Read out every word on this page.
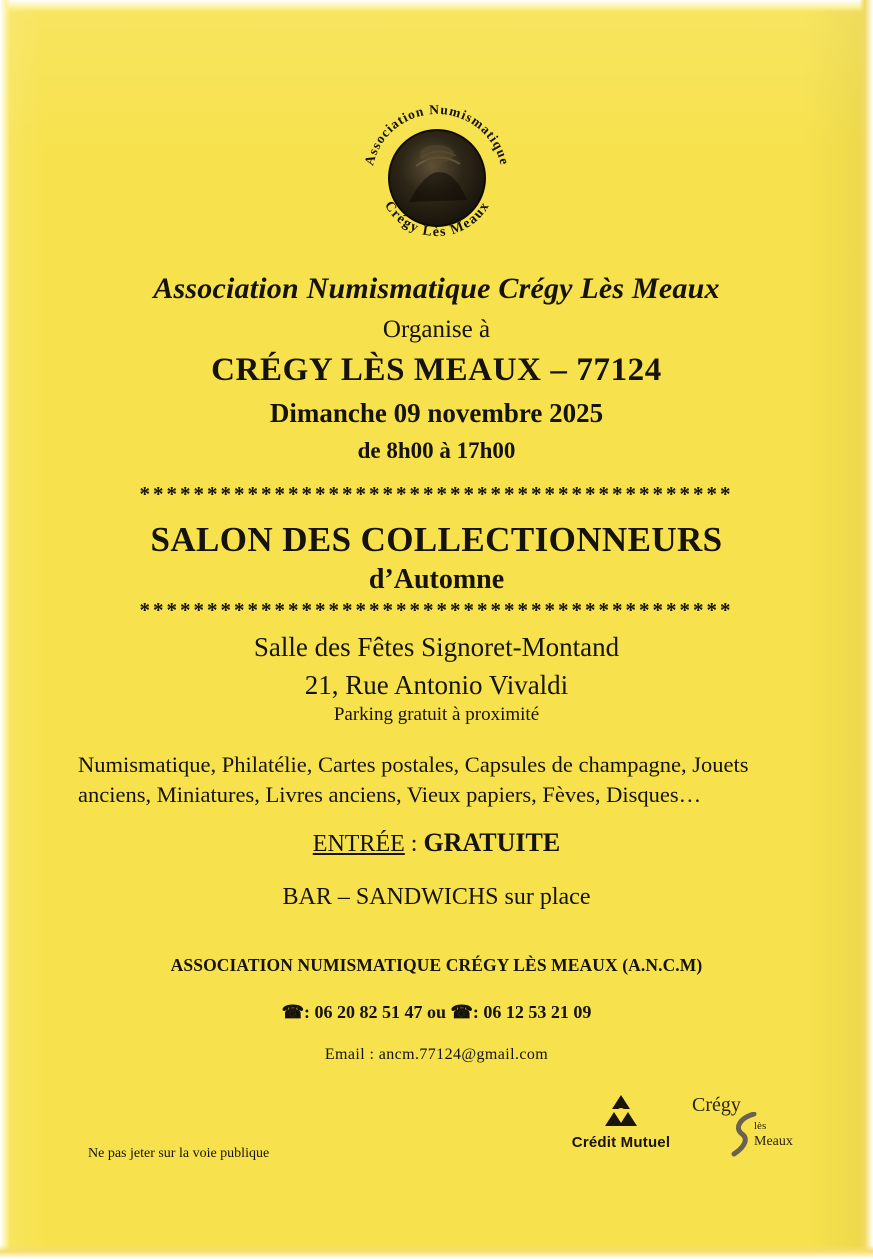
Association Numismatique
Crégy Lès Meaux
Association Numismatique Crégy Lès Meaux
Organise à
CRÉGY LÈS MEAUX – 77124
Dimanche 09 novembre 2025
de 8h00 à 17h00
********************************************
SALON DES COLLECTIONNEURS
d’Automne
********************************************
Salle des Fêtes Signoret-Montand
21, Rue Antonio Vivaldi
Parking gratuit à proximité
Numismatique, Philatélie, Cartes postales, Capsules de champagne, Jouets anciens, Miniatures, Livres anciens, Vieux papiers, Fèves, Disques…
ENTRÉE : GRATUITE
BAR – SANDWICHS sur place
ASSOCIATION NUMISMATIQUE CRÉGY LÈS MEAUX (A.N.C.M)
☎: 06 20 82 51 47 ou ☎: 06 12 53 21 09
Email : ancm.77124@gmail.com
Ne pas jeter sur la voie publique
Crédit Mutuel
Crégy
lès
Meaux
